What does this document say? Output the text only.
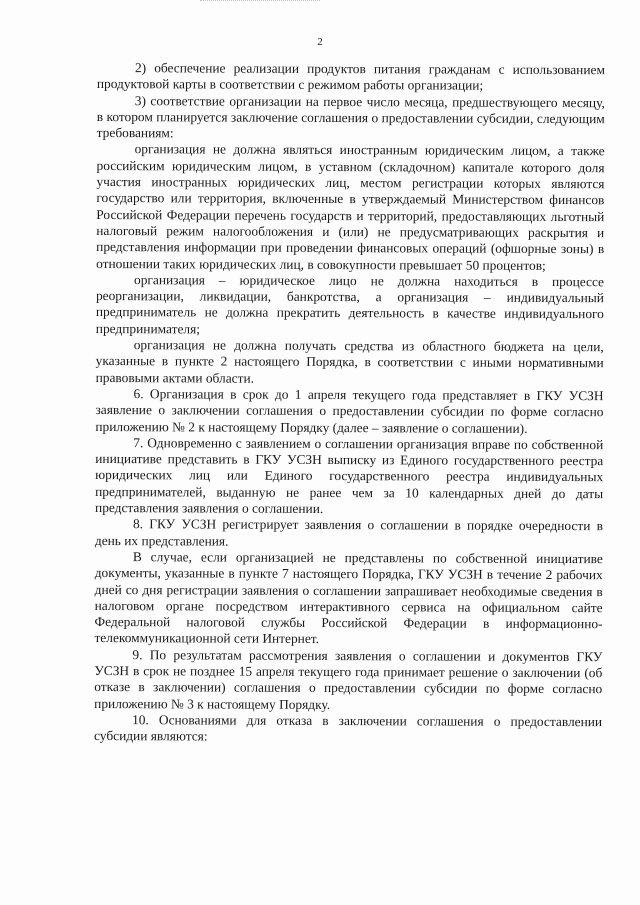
2

2) обеспечение реализации продуктов питания гражданам с использованием продуктовой карты в соответствии с режимом работы организации;

3) соответствие организации на первое число месяца, предшествующего месяцу, в котором планируется заключение соглашения о предоставлении субсидии, следующим требованиям:

организация не должна являться иностранным юридическим лицом, а также российским юридическим лицом, в уставном (складочном) капитале которого доля участия иностранных юридических лиц, местом регистрации которых являются государство или территория, включенные в утверждаемый Министерством финансов Российской Федерации перечень государств и территорий, предоставляющих льготный налоговый режим налогообложения и (или) не предусматривающих раскрытия и представления информации при проведении финансовых операций (офшорные зоны) в отношении таких юридических лиц, в совокупности превышает 50 процентов;

организация – юридическое лицо не должна находиться в процессе реорганизации, ликвидации, банкротства, а организация – индивидуальный предприниматель не должна прекратить деятельность в качестве индивидуального предпринимателя;

организация не должна получать средства из областного бюджета на цели, указанные в пункте 2 настоящего Порядка, в соответствии с иными нормативными правовыми актами области.

6. Организация в срок до 1 апреля текущего года представляет в ГКУ УСЗН заявление о заключении соглашения о предоставлении субсидии по форме согласно приложению № 2 к настоящему Порядку (далее – заявление о соглашении).

7. Одновременно с заявлением о соглашении организация вправе по собственной инициативе представить в ГКУ УСЗН выписку из Единого государственного реестра юридических лиц или Единого государственного реестра индивидуальных предпринимателей, выданную не ранее чем за 10 календарных дней до даты представления заявления о соглашении.

8. ГКУ УСЗН регистрирует заявления о соглашении в порядке очередности в день их представления.

В случае, если организацией не представлены по собственной инициативе документы, указанные в пункте 7 настоящего Порядка, ГКУ УСЗН в течение 2 рабочих дней со дня регистрации заявления о соглашении запрашивает необходимые сведения в налоговом органе посредством интерактивного сервиса на официальном сайте Федеральной налоговой службы Российской Федерации в информационно-телекоммуникационной сети Интернет.

9. По результатам рассмотрения заявления о соглашении и документов ГКУ УСЗН в срок не позднее 15 апреля текущего года принимает решение о заключении (об отказе в заключении) соглашения о предоставлении субсидии по форме согласно приложению № 3 к настоящему Порядку.

10. Основаниями для отказа в заключении соглашения о предоставлении субсидии являются:
